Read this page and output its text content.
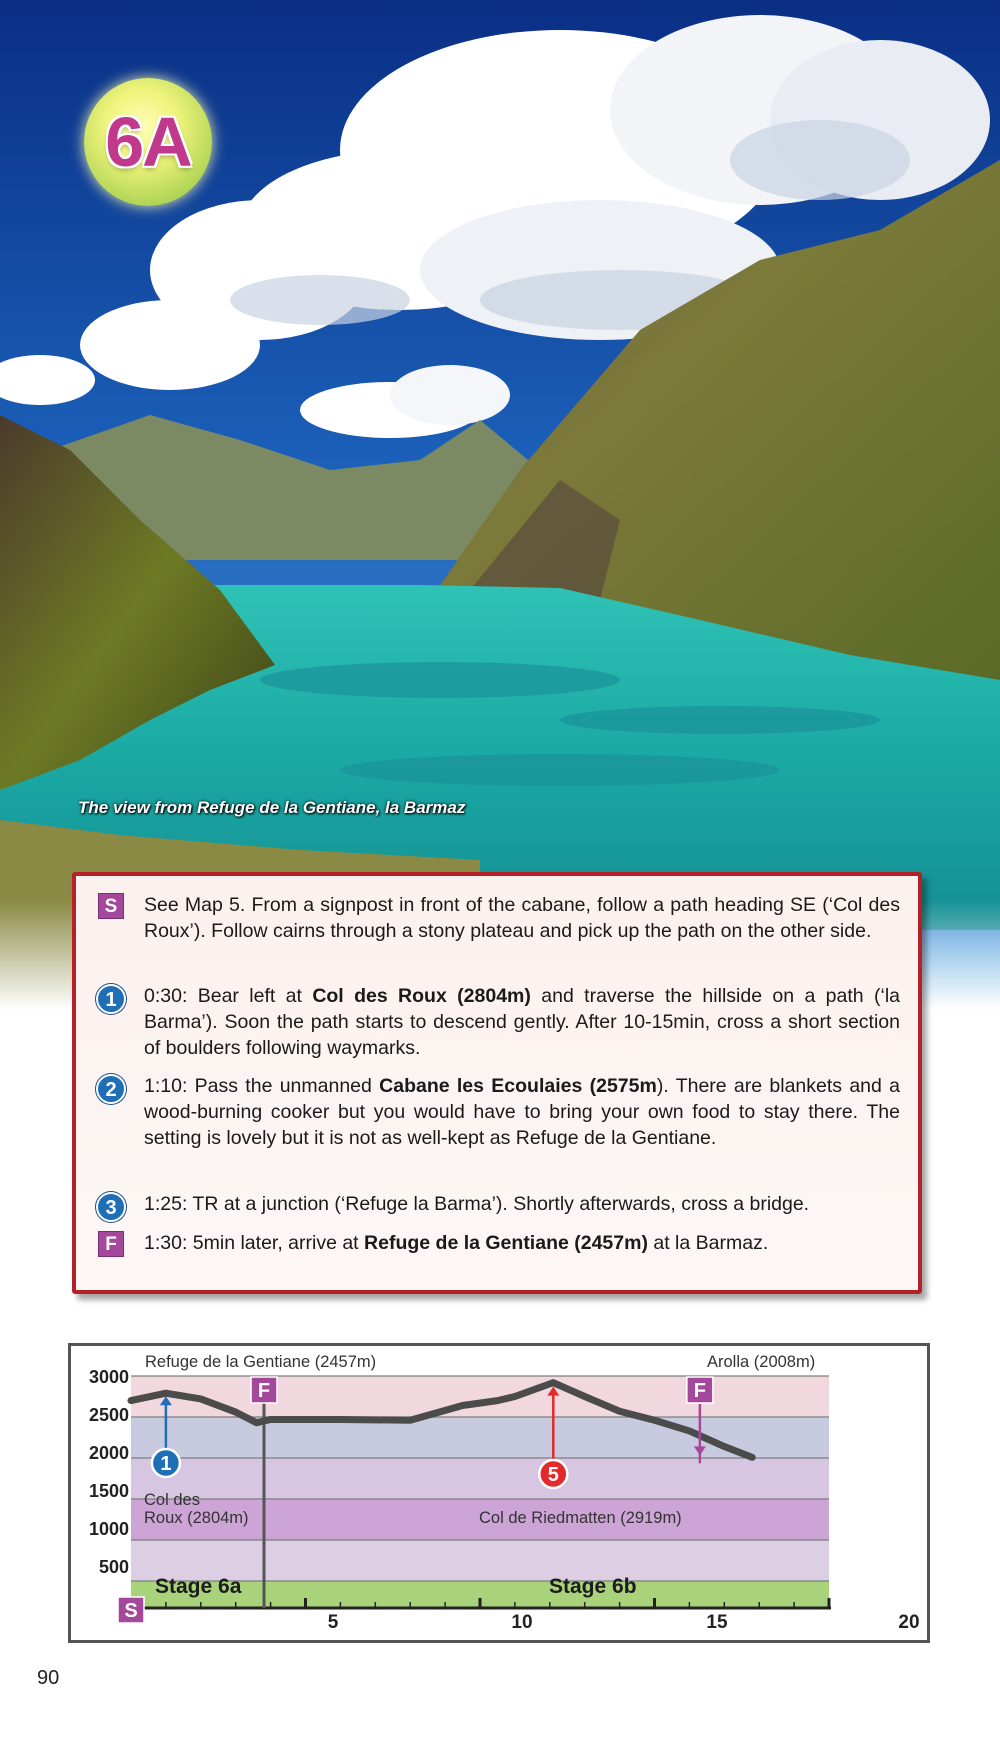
The view from Refuge de la Gentiane, la Barmaz
6A
S	See Map 5. From a signpost in front of the cabane, follow a path heading SE (‘Col des Roux’). Follow cairns through a stony plateau and pick up the path on the other side.
1	0:30: Bear left at Col des Roux (2804m) and traverse the hillside on a path (‘la Barma’). Soon the path starts to descend gently. After 10-15min, cross a short section of boulders following waymarks.
2	1:10: Pass the unmanned Cabane les Ecoulaies (2575m). There are blankets and a wood-burning cooker but you would have to bring your own food to stay there. The setting is lovely but it is not as well-kept as Refuge de la Gentiane.
3	1:25: TR at a junction (‘Refuge la Barma’). Shortly afterwards, cross a bridge.
F	1:30: 5min later, arrive at Refuge de la Gentiane (2457m) at la Barmaz.
3000
2500
2000
1500
1000
500
5	10	15	20
Refuge de la Gentiane (2457m)	Arolla (2008m)
Col des
Roux (2804m)	Col de Riedmatten (2919m)
Stage 6a	Stage 6b
1	5
F	F
S
90
